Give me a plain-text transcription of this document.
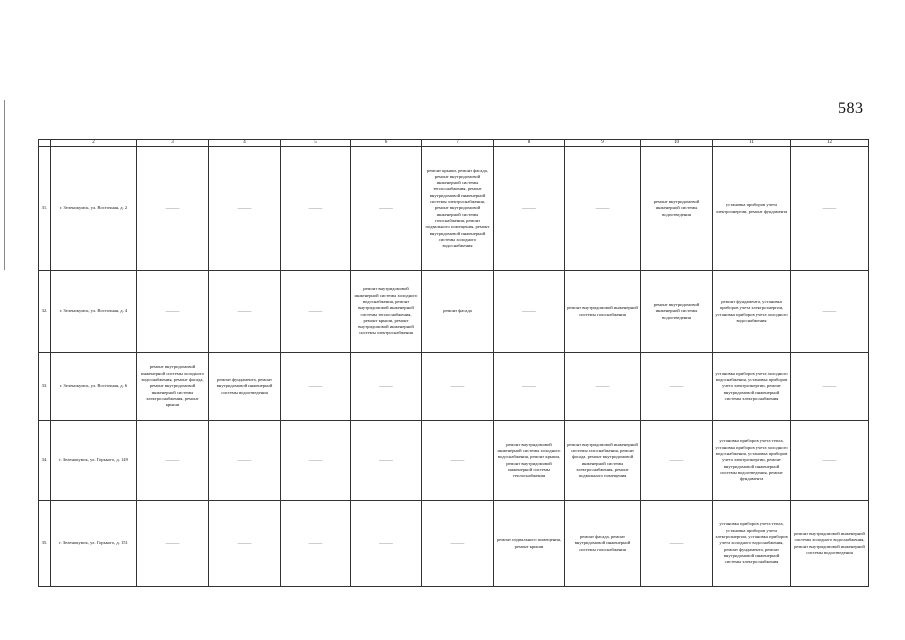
583
	2	3	4	5	6	7	8	9	10	11	12
31.	г. Зеленокумск, ул. Восточная, д. 2	———	———	———	———	ремонт крыши, ремонт фасада, ремонт внутридомовой инженерной системы теплоснабжения, ремонт внутридомовой инженерной системы электроснабжения, ремонт внутридомовой инженерной системы газоснабжения, ремонт подвального помещения, ремонт внутридомовой инженерной системы холодного водоснабжения	———	———	ремонт внутридомовой инженерной системы водоотведения	установка приборов учета электроэнергии, ремонт фундамента	———
32.	г. Зеленокумск, ул. Восточная, д. 4	———	———	———	ремонт внутридомовой инженерной системы холодного водоснабжения, ремонт внутридомовой инженерной системы теплоснабжения, ремонт крыши, ремонт внутридомовой инженерной системы электроснабжения	ремонт фасада	———	ремонт внутридомовой инженерной системы газоснабжения	ремонт внутридомовой инженерной системы водоотведения	ремонт фундамента, установка приборов учета электроэнергии, установка приборов учета холодного водоснабжения	———
33.	г. Зеленокумск, ул. Восточная, д. 6	ремонт внутридомовой инженерной системы холодного водоснабжения, ремонт фасада, ремонт внутридомовой инженерной системы электроснабжения, ремонт крыши	ремонт фундамента, ремонт внутридомовой инженерной системы водоотведения	———	———	———	———	———	———	установка приборов учета холодного водоснабжения, установка приборов учета электроэнергии, ремонт внутридомовой инженерной системы электроснабжения	———
34.	г. Зеленокумск, ул. Горького, д. 149	———	———	———	———	———	ремонт внутридомовой инженерной системы холодного водоснабжения, ремонт крыши, ремонт внутридомовой инженерной системы теплоснабжения	ремонт внутридомовой инженерной системы газоснабжения, ремонт фасада, ремонт внутридомовой инженерной системы электроснабжения, ремонт подвального помещения	———	установка приборов учета тепла, установка приборов учета холодного водоснабжения, установка приборов учета электроэнергии, ремонт внутридомовой инженерной системы водоотведения, ремонт фундамента	———
35.	г. Зеленокумск, ул. Горького, д. 151	———	———	———	———	———	ремонт подвального помещения, ремонт крыши	ремонт фасада, ремонт внутридомовой инженерной системы газоснабжения	———	установка приборов учета тепла, установка приборов учета электроэнергии, установка приборов учета холодного водоснабжения, ремонт фундамента, ремонт внутридомовой инженерной системы электроснабжения	ремонт внутридомовой инженерной системы холодного водоснабжения, ремонт внутридомовой инженерной системы водоотведения
